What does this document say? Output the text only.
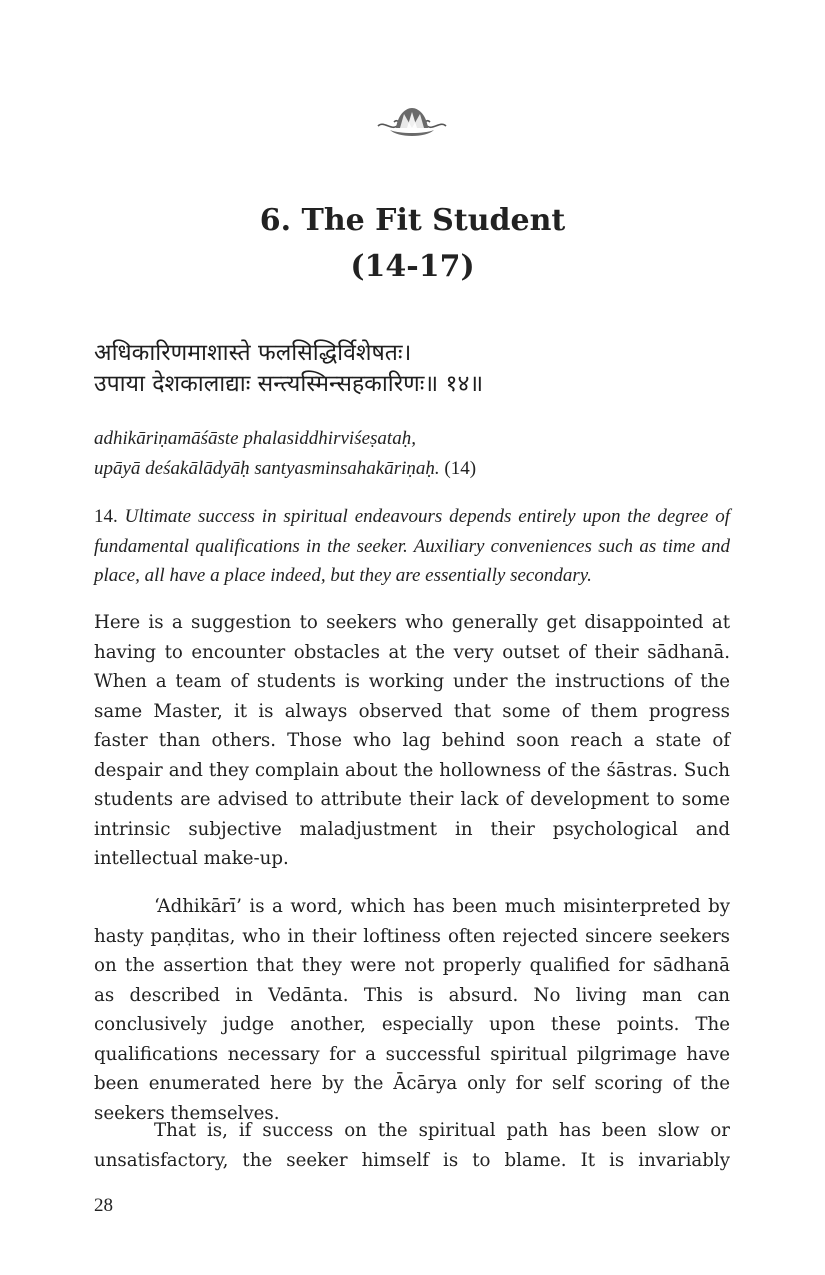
6. The Fit Student
(14-17)
अधिकारिणमाशास्ते फलसिद्धिर्विशेषतः।
उपाया देशकालाद्याः सन्त्यस्मिन्सहकारिणः॥ १४॥
adhikāriṇamāśāste phalasiddhirviśeṣataḥ,
upāyā deśakālādyāḥ santyasminsahakāriṇaḥ. (14)

14. Ultimate success in spiritual endeavours depends entirely upon the degree of fundamental qualifications in the seeker. Auxiliary conveniences such as time and place, all have a place indeed, but they are essentially secondary.

Here is a suggestion to seekers who generally get disappointed at having to encounter obstacles at the very outset of their sādhanā. When a team of students is working under the instructions of the same Master, it is always observed that some of them progress faster than others. Those who lag behind soon reach a state of despair and they complain about the hollowness of the śāstras. Such students are advised to attribute their lack of development to some intrinsic subjective maladjustment in their psychological and intellectual make-up.

‘Adhikārī’ is a word, which has been much misinterpreted by hasty paṇḍitas, who in their loftiness often rejected sincere seekers on the assertion that they were not properly qualified for sādhanā as described in Vedānta. This is absurd. No living man can conclusively judge another, especially upon these points. The qualifications necessary for a successful spiritual pilgrimage have been enumerated here by the Ācārya only for self scoring of the seekers themselves.

That is, if success on the spiritual path has been slow or unsatisfactory, the seeker himself is to blame. It is invariably

28
